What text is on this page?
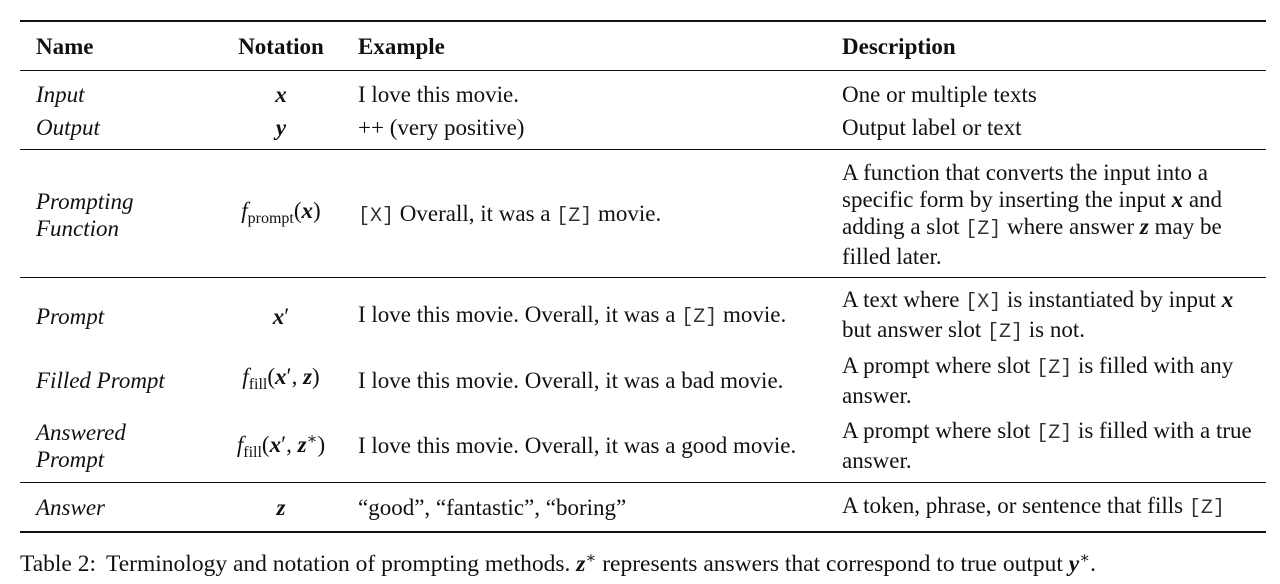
Name	Notation	Example	Description
Input	x	I love this movie.	One or multiple texts
Output	y	++ (very positive)	Output label or text
Prompting
Function	$f_{prompt}(x)$	[X] Overall, it was a [Z] movie.	A function that converts the input into a specific form by inserting the input x and adding a slot [Z] where answer z may be filled later.
Prompt	x′	I love this movie. Overall, it was a [Z] movie.	A text where [X] is instantiated by input x but answer slot [Z] is not.
Filled Prompt	$f_{fill}(x'$, z)	I love this movie. Overall, it was a bad movie.	A prompt where slot [Z] is filled with any answer.
Answered
Prompt	$f_{fill}(x'$, z∗)	I love this movie. Overall, it was a good movie.	A prompt where slot [Z] is filled with a true answer.
Answer	z	“good”, “fantastic”, “boring”	A token, phrase, or sentence that fills [Z]
Table 2: Terminology and notation of prompting methods. z∗ represents answers that correspond to true output y∗.
